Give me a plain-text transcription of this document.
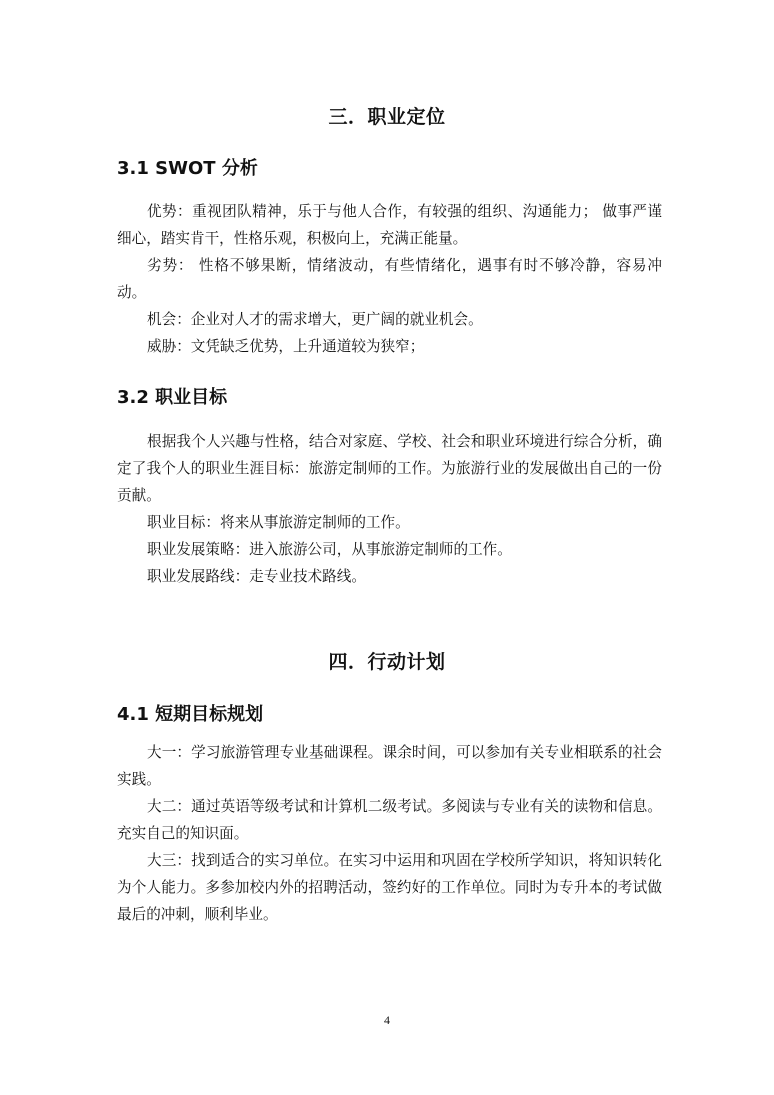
三．职业定位
3.1 SWOT 分析

优势：重视团队精神，乐于与他人合作，有较强的组织、沟通能力； 做事严谨细心，踏实肯干，性格乐观，积极向上，充满正能量。

劣势： 性格不够果断，情绪波动，有些情绪化，遇事有时不够冷静，容易冲动。

机会：企业对人才的需求增大，更广阔的就业机会。

威胁：文凭缺乏优势，上升通道较为狭窄；

3.2 职业目标

根据我个人兴趣与性格，结合对家庭、学校、社会和职业环境进行综合分析，确定了我个人的职业生涯目标：旅游定制师的工作。为旅游行业的发展做出自己的一份贡献。

职业目标：将来从事旅游定制师的工作。

职业发展策略：进入旅游公司，从事旅游定制师的工作。

职业发展路线：走专业技术路线。

四．行动计划
4.1 短期目标规划

大一：学习旅游管理专业基础课程。课余时间，可以参加有关专业相联系的社会实践。

大二：通过英语等级考试和计算机二级考试。多阅读与专业有关的读物和信息。充实自己的知识面。

大三：找到适合的实习单位。在实习中运用和巩固在学校所学知识，将知识转化为个人能力。多参加校内外的招聘活动，签约好的工作单位。同时为专升本的考试做最后的冲刺，顺利毕业。

4
